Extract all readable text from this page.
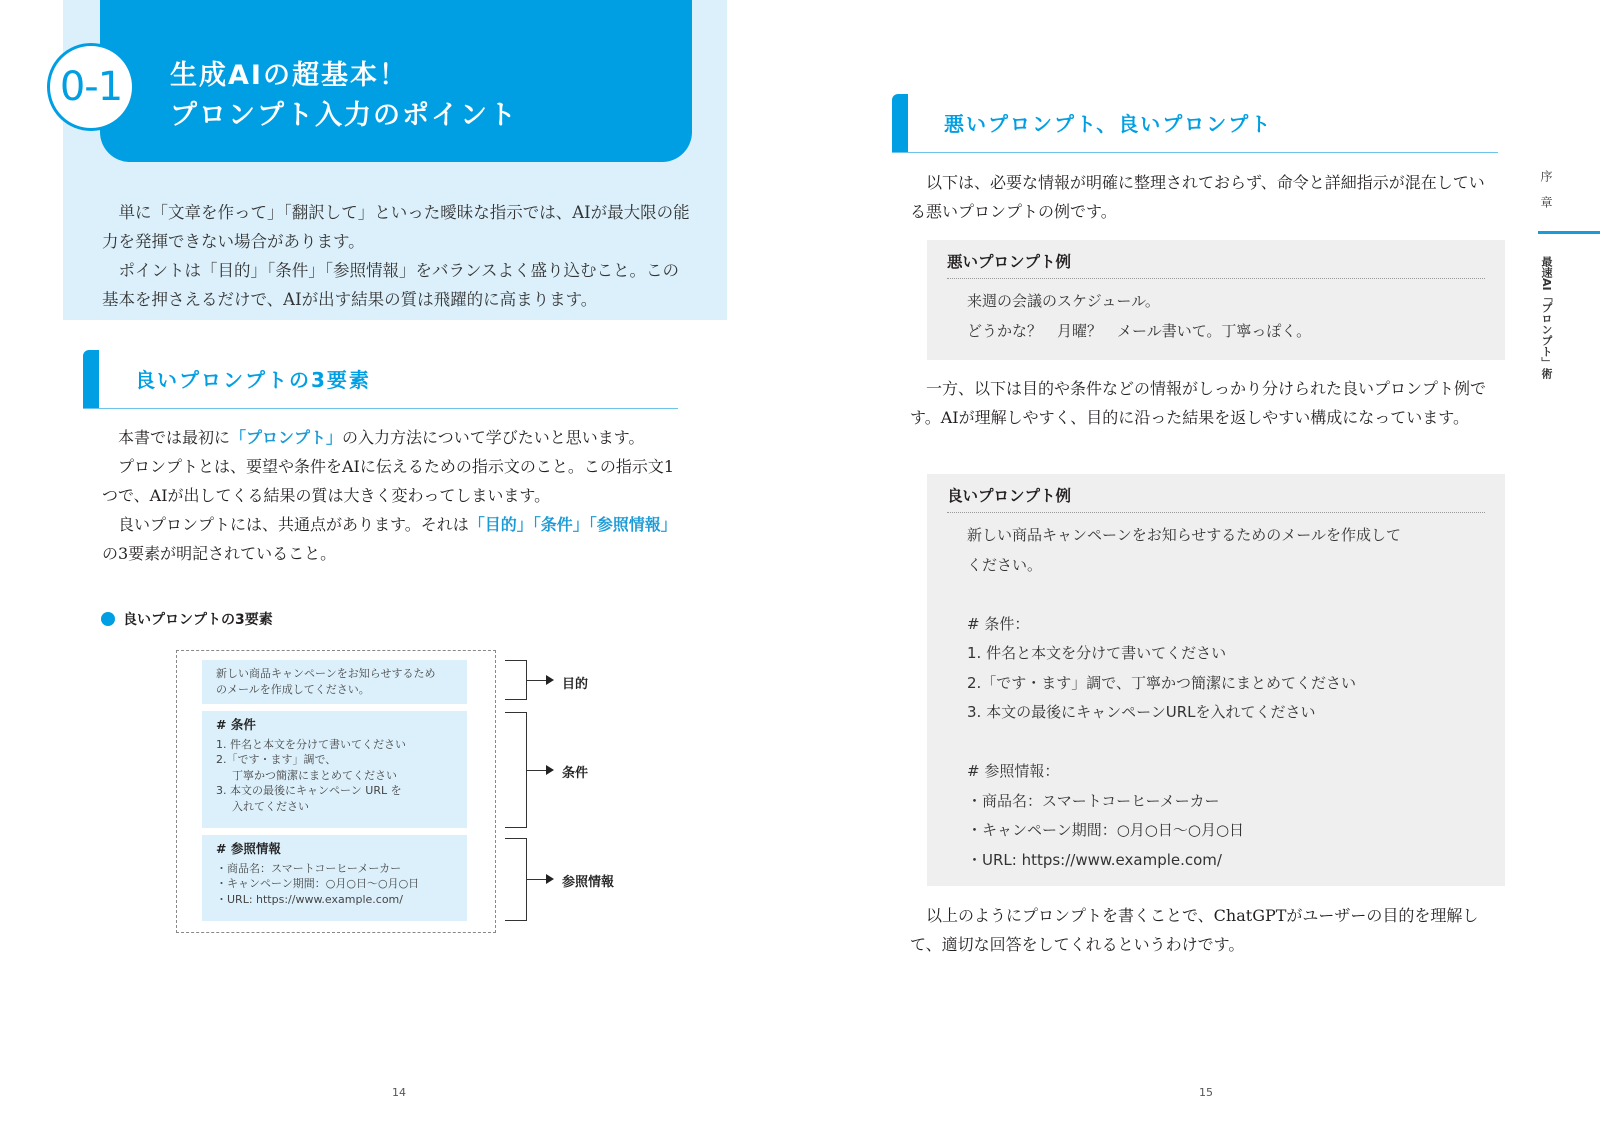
0-1	生成AIの超基本！
プロンプト入力のポイント

単に「文章を作って」「翻訳して」といった曖昧な指示では、AIが最大限の能力を発揮できない場合があります。

ポイントは「目的」「条件」「参照情報」をバランスよく盛り込むこと。この基本を押さえるだけで、AIが出す結果の質は飛躍的に高まります。

良いプロンプトの3要素

本書では最初に「プロンプト」の入力方法について学びたいと思います。

プロンプトとは、要望や条件をAIに伝えるための指示文のこと。この指示文1つで、AIが出してくる結果の質は大きく変わってしまいます。

良いプロンプトには、共通点があります。それは「目的」「条件」「参照情報」の3要素が明記されていること。

良いプロンプトの3要素
新しい商品キャンペーンをお知らせするため
のメールを作成してください。
# 条件
1. 件名と本文を分けて書いてください
2.「です・ます」調で、
丁寧かつ簡潔にまとめてください
3. 本文の最後にキャンペーン URL を
入れてください
# 参照情報
・商品名：スマートコーヒーメーカー
・キャンペーン期間：○月○日〜○月○日
・URL: https://www.example.com/
目的
条件
参照情報
14
悪いプロンプト、良いプロンプト

以下は、必要な情報が明確に整理されておらず、命令と詳細指示が混在している悪いプロンプトの例です。

悪いプロンプト例
来週の会議のスケジュール。
どうかな？　月曜？　メール書いて。丁寧っぽく。

一方、以下は目的や条件などの情報がしっかり分けられた良いプロンプト例です。AIが理解しやすく、目的に沿った結果を返しやすい構成になっています。

良いプロンプト例
新しい商品キャンペーンをお知らせするためのメールを作成して
ください。
# 条件：
1. 件名と本文を分けて書いてください
2.「です・ます」調で、丁寧かつ簡潔にまとめてください
3. 本文の最後にキャンペーンURLを入れてください
# 参照情報：
・商品名：スマートコーヒーメーカー
・キャンペーン期間：○月○日〜○月○日
・URL: https://www.example.com/

以上のようにプロンプトを書くことで、ChatGPTがユーザーの目的を理解して、適切な回答をしてくれるというわけです。

序章
最速AI「プロンプト」術
15
